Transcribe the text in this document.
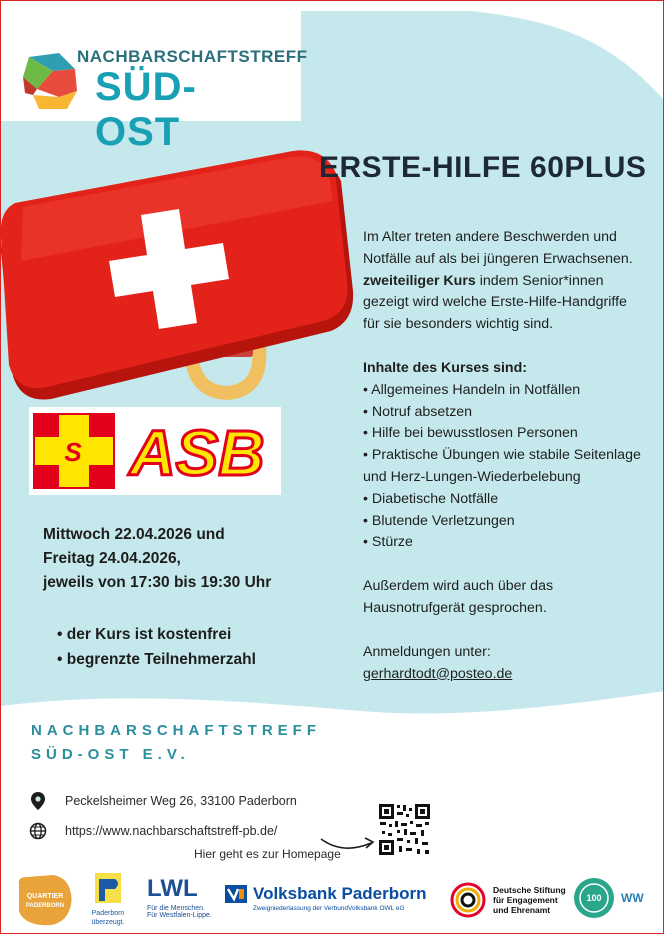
NACHBARSCHAFTSTREFF
SÜD-OST
ERSTE-HILFE 60PLUS

Im Alter treten andere Beschwerden und Notfälle auf als bei jüngeren Erwachsenen. zweiteiliger Kurs indem Senior*innen gezeigt wird welche Erste-Hilfe-Handgriffe für sie besonders wichtig sind.

Inhalte des Kurses sind:

• Allgemeines Handeln in Notfällen

• Notruf absetzen

• Hilfe bei bewusstlosen Personen

• Praktische Übungen wie stabile Seitenlage und Herz-Lungen-Wiederbelebung

• Diabetische Notfälle

• Blutende Verletzungen

• Stürze

Außerdem wird auch über das Hausnotrufgerät gesprochen.

Anmeldungen unter:

gerhardtodt@posteo.de

S ASB
Mittwoch 22.04.2026 und
Freitag 24.04.2026,
jeweils von 17:30 bis 19:30 Uhr
• der Kurs ist kostenfrei
• begrenzte Teilnehmerzahl
NACHBARSCHAFTSTREFF
SÜD-OST E.V.
Peckelsheimer Weg 26, 33100 Paderborn
https://www.nachbarschaftstreff-pb.de/
Hier geht es zur Homepage
QUARTIER
PADERBORN
Paderborn
überzeugt.
LWL
Für die Menschen.
Für Westfalen-Lippe.
Volksbank Paderborn
Zweigniederlassung der VerbundVolksbank OWL eG
Deutsche Stiftung
für Engagement
und Ehrenamt
100 WW
